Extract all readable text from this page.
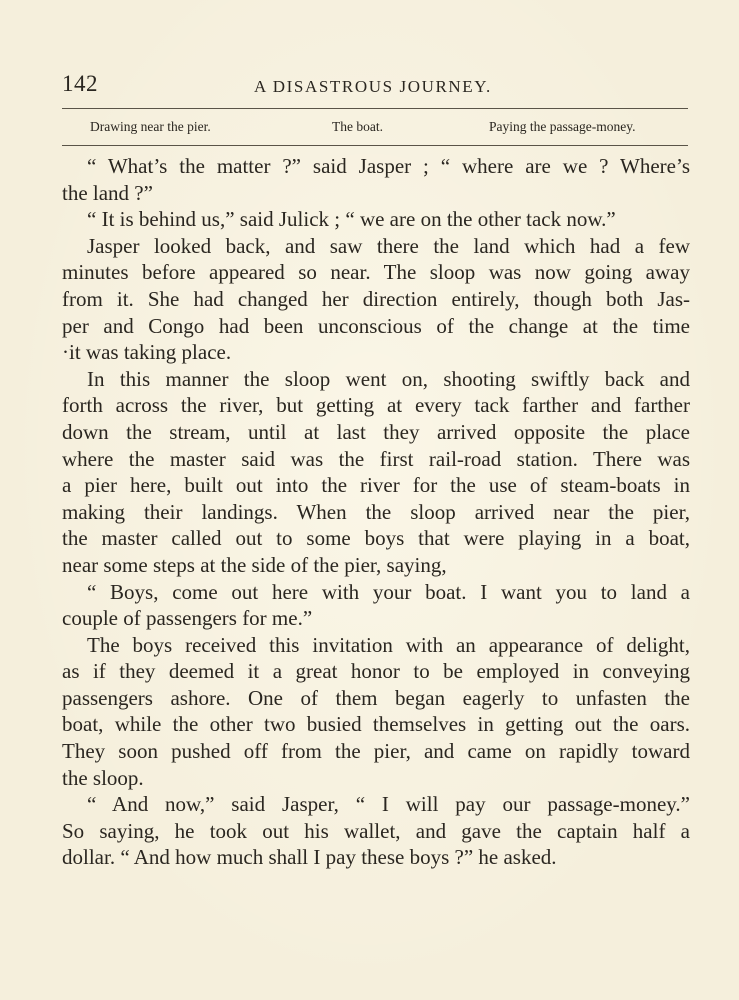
142	A DISASTROUS JOURNEY.
Drawing near the pier.	The boat.	Paying the passage-money.
“ What’s the matter ?” said Jasper ; “ where are we ? Where’s
the land ?”
“ It is behind us,” said Julick ; “ we are on the other tack now.”
Jasper looked back, and saw there the land which had a few
minutes before appeared so near. The sloop was now going away
from it. She had changed her direction entirely, though both Jas-
per and Congo had been unconscious of the change at the time
·it was taking place.
In this manner the sloop went on, shooting swiftly back and
forth across the river, but getting at every tack farther and farther
down the stream, until at last they arrived opposite the place
where the master said was the first rail-road station. There was
a pier here, built out into the river for the use of steam-boats in
making their landings. When the sloop arrived near the pier,
the master called out to some boys that were playing in a boat,
near some steps at the side of the pier, saying,
“ Boys, come out here with your boat. I want you to land a
couple of passengers for me.”
The boys received this invitation with an appearance of delight,
as if they deemed it a great honor to be employed in conveying
passengers ashore. One of them began eagerly to unfasten the
boat, while the other two busied themselves in getting out the oars.
They soon pushed off from the pier, and came on rapidly toward
the sloop.
“ And now,” said Jasper, “ I will pay our passage-money.”
So saying, he took out his wallet, and gave the captain half a
dollar. “ And how much shall I pay these boys ?” he asked.
